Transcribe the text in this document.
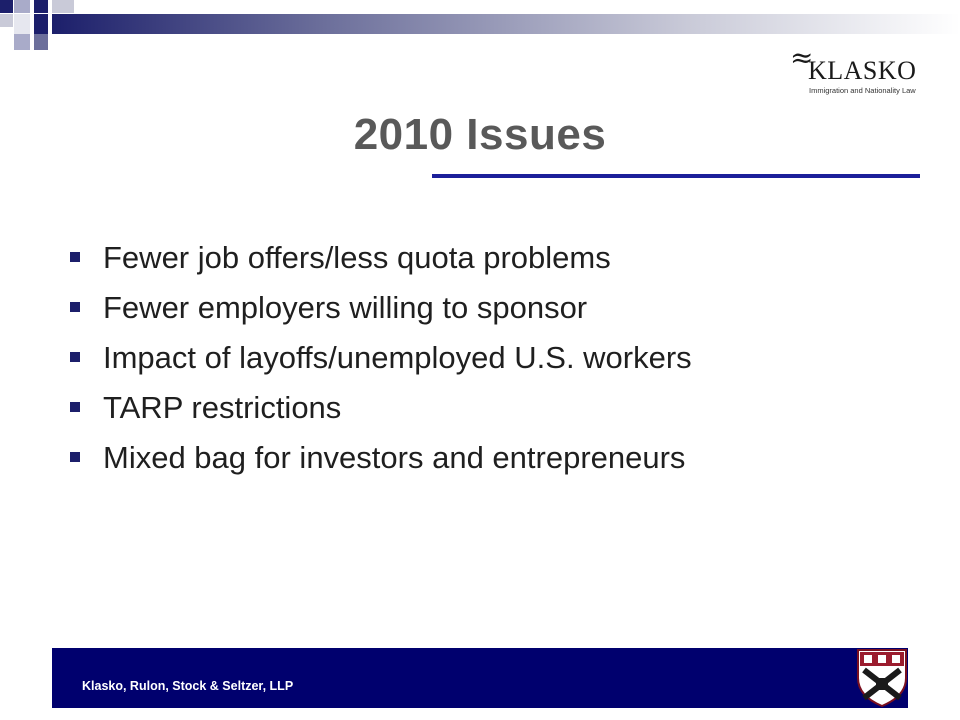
≈
KLASKO
Immigration and Nationality Law
2010 Issues
Fewer job offers/less quota problems
Fewer employers willing to sponsor
Impact of layoffs/unemployed U.S. workers
TARP restrictions
Mixed bag for investors and entrepreneurs
Klasko, Rulon, Stock & Seltzer, LLP
